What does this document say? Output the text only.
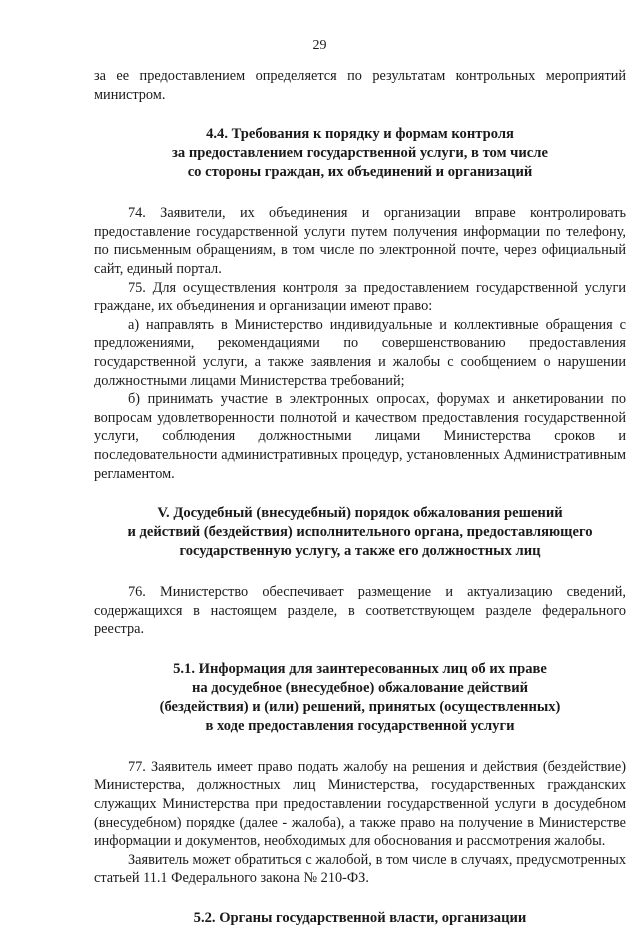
29

за ее предоставлением определяется по результатам контрольных мероприятий министром.

4.4. Требования к порядку и формам контроля
за предоставлением государственной услуги, в том числе
со стороны граждан, их объединений и организаций

74. Заявители, их объединения и организации вправе контролировать предоставление государственной услуги путем получения информации по телефону, по письменным обращениям, в том числе по электронной почте, через официальный сайт, единый портал.

75. Для осуществления контроля за предоставлением государственной услуги граждане, их объединения и организации имеют право:

а) направлять в Министерство индивидуальные и коллективные обращения с предложениями, рекомендациями по совершенствованию предоставления государственной услуги, а также заявления и жалобы с сообщением о нарушении должностными лицами Министерства требований;

б) принимать участие в электронных опросах, форумах и анкетировании по вопросам удовлетворенности полнотой и качеством предоставления государственной услуги, соблюдения должностными лицами Министерства сроков и последовательности административных процедур, установленных Административным регламентом.

V. Досудебный (внесудебный) порядок обжалования решений
и действий (бездействия) исполнительного органа, предоставляющего
государственную услугу, а также его должностных лиц

76. Министерство обеспечивает размещение и актуализацию сведений, содержащихся в настоящем разделе, в соответствующем разделе федерального реестра.

5.1. Информация для заинтересованных лиц об их праве
на досудебное (внесудебное) обжалование действий
(бездействия) и (или) решений, принятых (осуществленных)
в ходе предоставления государственной услуги

77. Заявитель имеет право подать жалобу на решения и действия (бездействие) Министерства, должностных лиц Министерства, государственных гражданских служащих Министерства при предоставлении государственной услуги в досудебном (внесудебном) порядке (далее - жалоба), а также право на получение в Министерстве информации и документов, необходимых для обоснования и рассмотрения жалобы.

Заявитель может обратиться с жалобой, в том числе в случаях, предусмотренных статьей 11.1 Федерального закона № 210-ФЗ.

5.2. Органы государственной власти, организации
